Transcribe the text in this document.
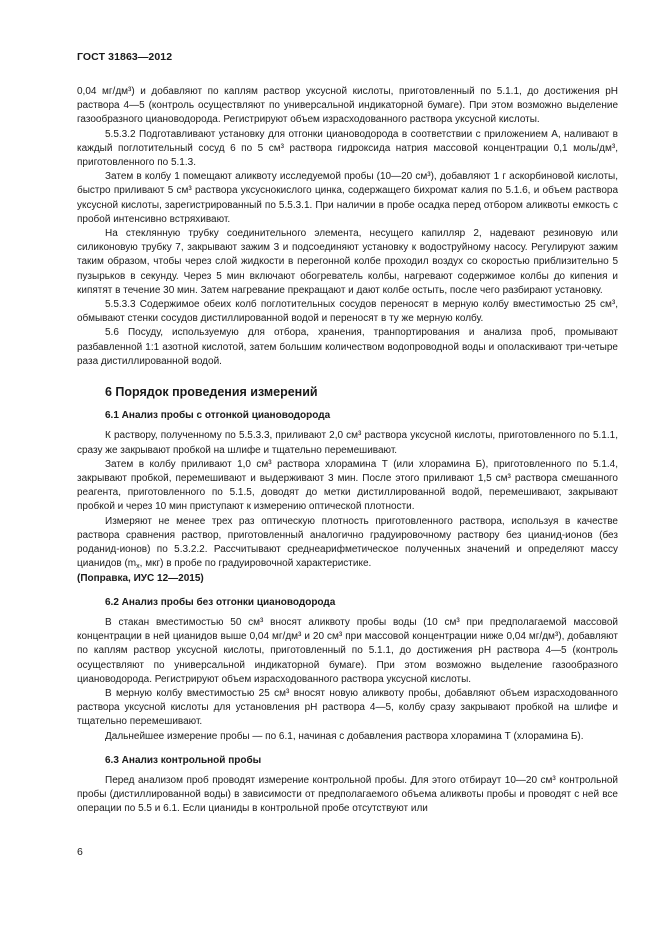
ГОСТ 31863—2012

0,04 мг/дм³) и добавляют по каплям раствор уксусной кислоты, приготовленный по 5.1.1, до достижения pH раствора 4—5 (контроль осуществляют по универсальной индикаторной бумаге). При этом возможно выделение газообразного циановодорода. Регистрируют объем израсходованного раствора уксусной кислоты.

5.5.3.2 Подготавливают установку для отгонки циановодорода в соответствии с приложением А, наливают в каждый поглотительный сосуд 6 по 5 см³ раствора гидроксида натрия массовой концентрации 0,1 моль/дм³, приготовленного по 5.1.3.

Затем в колбу 1 помещают аликвоту исследуемой пробы (10—20 см³), добавляют 1 г аскорбиновой кислоты, быстро приливают 5 см³ раствора уксуснокислого цинка, содержащего бихромат калия по 5.1.6, и объем раствора уксусной кислоты, зарегистрированный по 5.5.3.1. При наличии в пробе осадка перед отбором аликвоты емкость с пробой интенсивно встряхивают.

На стеклянную трубку соединительного элемента, несущего капилляр 2, надевают резиновую или силиконовую трубку 7, закрывают зажим 3 и подсоединяют установку к водоструйному насосу. Регулируют зажим таким образом, чтобы через слой жидкости в перегонной колбе проходил воздух со скоростью приблизительно 5 пузырьков в секунду. Через 5 мин включают обогреватель колбы, нагревают содержимое колбы до кипения и кипятят в течение 30 мин. Затем нагревание прекращают и дают колбе остыть, после чего разбирают установку.

5.5.3.3 Содержимое обеих колб поглотительных сосудов переносят в мерную колбу вместимостью 25 см³, обмывают стенки сосудов дистиллированной водой и переносят в ту же мерную колбу.

5.6 Посуду, используемую для отбора, хранения, транпортирования и анализа проб, промывают разбавленной 1:1 азотной кислотой, затем большим количеством водопроводной воды и ополаскивают три-четыре раза дистиллированной водой.

6 Порядок проведения измерений
6.1 Анализ пробы с отгонкой циановодорода

К раствору, полученному по 5.5.3.3, приливают 2,0 см³ раствора уксусной кислоты, приготовленного по 5.1.1, сразу же закрывают пробкой на шлифе и тщательно перемешивают.

Затем в колбу приливают 1,0 см³ раствора хлорамина Т (или хлорамина Б), приготовленного по 5.1.4, закрывают пробкой, перемешивают и выдерживают 3 мин. После этого приливают 1,5 см³ раствора смешанного реагента, приготовленного по 5.1.5, доводят до метки дистиллированной водой, перемешивают, закрывают пробкой и через 10 мин приступают к измерению оптической плотности.

Измеряют не менее трех раз оптическую плотность приготовленного раствора, используя в качестве раствора сравнения раствор, приготовленный аналогично градуировочному раствору без цианид-ионов (без роданид-ионов) по 5.3.2.2. Рассчитывают среднеарифметическое полученных значений и определяют массу цианидов ($m_x$, мкг) в пробе по градуировочной характеристике.

(Поправка, ИУС 12—2015)

6.2 Анализ пробы без отгонки циановодорода

В стакан вместимостью 50 см³ вносят аликвоту пробы воды (10 см³ при предполагаемой массовой концентрации в ней цианидов выше 0,04 мг/дм³ и 20 см³ при массовой концентрации ниже 0,04 мг/дм³), добавляют по каплям раствор уксусной кислоты, приготовленный по 5.1.1, до достижения pH раствора 4—5 (контроль осуществляют по универсальной индикаторной бумаге). При этом возможно выделение газообразного циановодорода. Регистрируют объем израсходованного раствора уксусной кислоты.

В мерную колбу вместимостью 25 см³ вносят новую аликвоту пробы, добавляют объем израсходованного раствора уксусной кислоты для установления pH раствора 4—5, колбу сразу закрывают пробкой на шлифе и тщательно перемешивают.

Дальнейшее измерение пробы — по 6.1, начиная с добавления раствора хлорамина Т (хлорамина Б).

6.3 Анализ контрольной пробы

Перед анализом проб проводят измерение контрольной пробы. Для этого отбираут 10—20 см³ контрольной пробы (дистиллированной воды) в зависимости от предполагаемого объема аликвоты пробы и проводят с ней все операции по 5.5 и 6.1. Если цианиды в контрольной пробе отсутствуют или

6
